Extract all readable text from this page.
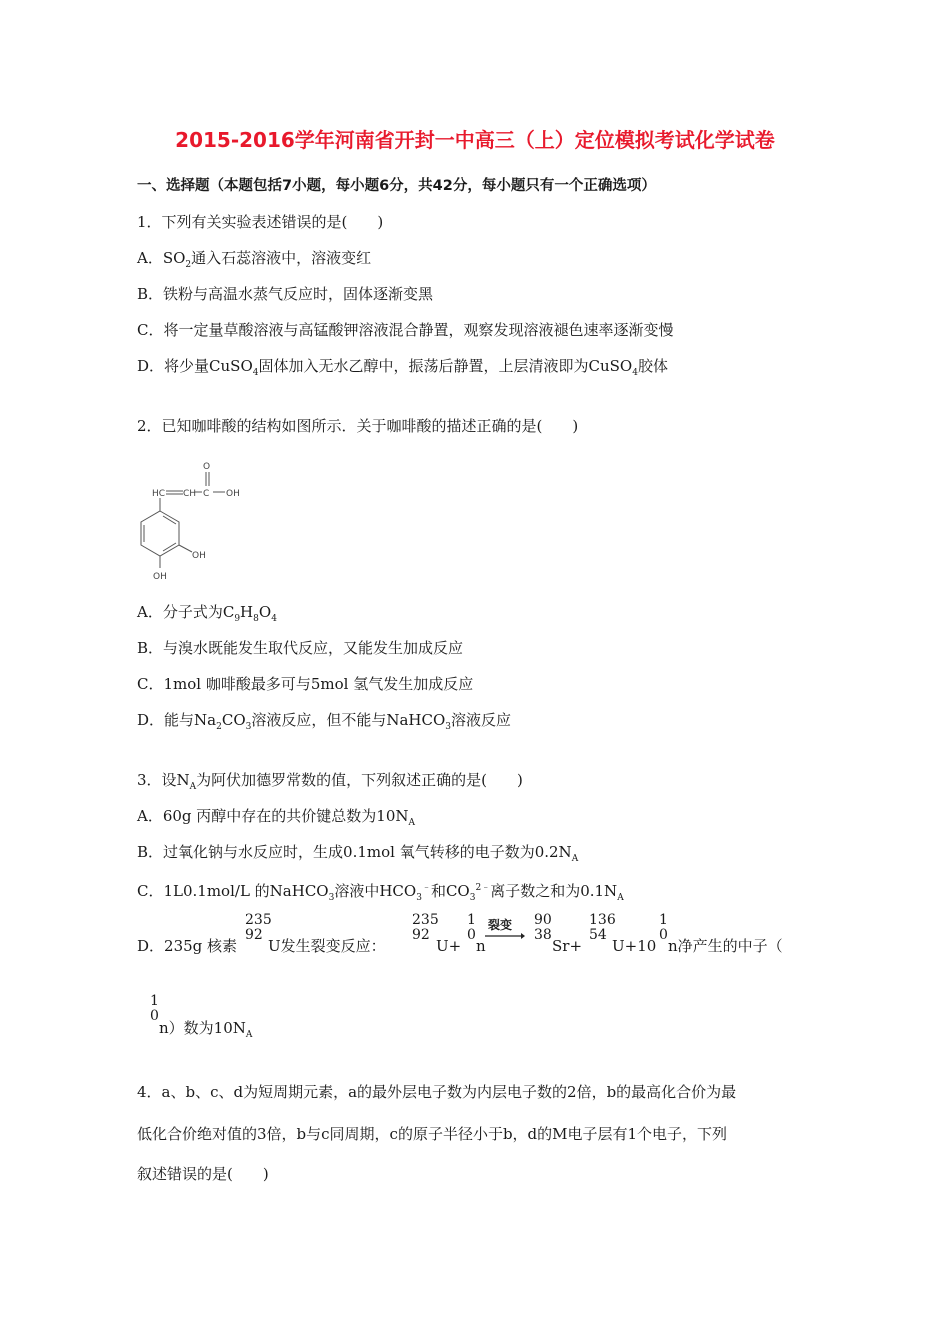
2015-2016学年河南省开封一中高三（上）定位模拟考试化学试卷
一、选择题（本题包括7小题，每小题6分，共42分，每小题只有一个正确选项）
1．下列有关实验表述错误的是(　　)
A．$SO_2$通入石蕊溶液中，溶液变红
B．铁粉与高温水蒸气反应时，固体逐渐变黑
C．将一定量草酸溶液与高锰酸钾溶液混合静置，观察发现溶液褪色速率逐渐变慢
D．将少量CuSO$_4$固体加入无水乙醇中，振荡后静置，上层清液即为CuSO$_4$胶体
2．已知咖啡酸的结构如图所示．关于咖啡酸的描述正确的是(　　)
O
HC CH C OH
OH
OH
A．分子式为$C_9H_8O_4$
B．与溴水既能发生取代反应，又能发生加成反应
C．1mol 咖啡酸最多可与5mol 氢气发生加成反应
D．能与$Na_2CO_3$溶液反应，但不能与NaHCO$_3$溶液反应
3．设$N_A$为阿伏加德罗常数的值，下列叙述正确的是(　　)
A．60g 丙醇中存在的共价键总数为$10N_A$
B．过氧化钠与水反应时，生成0.1mol 氧气转移的电子数为$0.2N_A$
C．1L0.1mol/L 的NaHCO$_3$溶液中$HCO_3^﹣$和$CO_3^{2﹣}$离子数之和为$0.1N_A$
D．235g 核素
235
92
U发生裂变反应：
235
92
U+
1
0
n
裂变 90
38
Sr+
136
54
U+10
1
0
n净产生的中子（
1
0
n）数为$10N_A$
4．a、b、c、d为短周期元素，a的最外层电子数为内层电子数的2倍，b的最高化合价为最
低化合价绝对值的3倍，b与c同周期，c的原子半径小于b，d的M电子层有1个电子，下列
叙述错误的是(　　)
